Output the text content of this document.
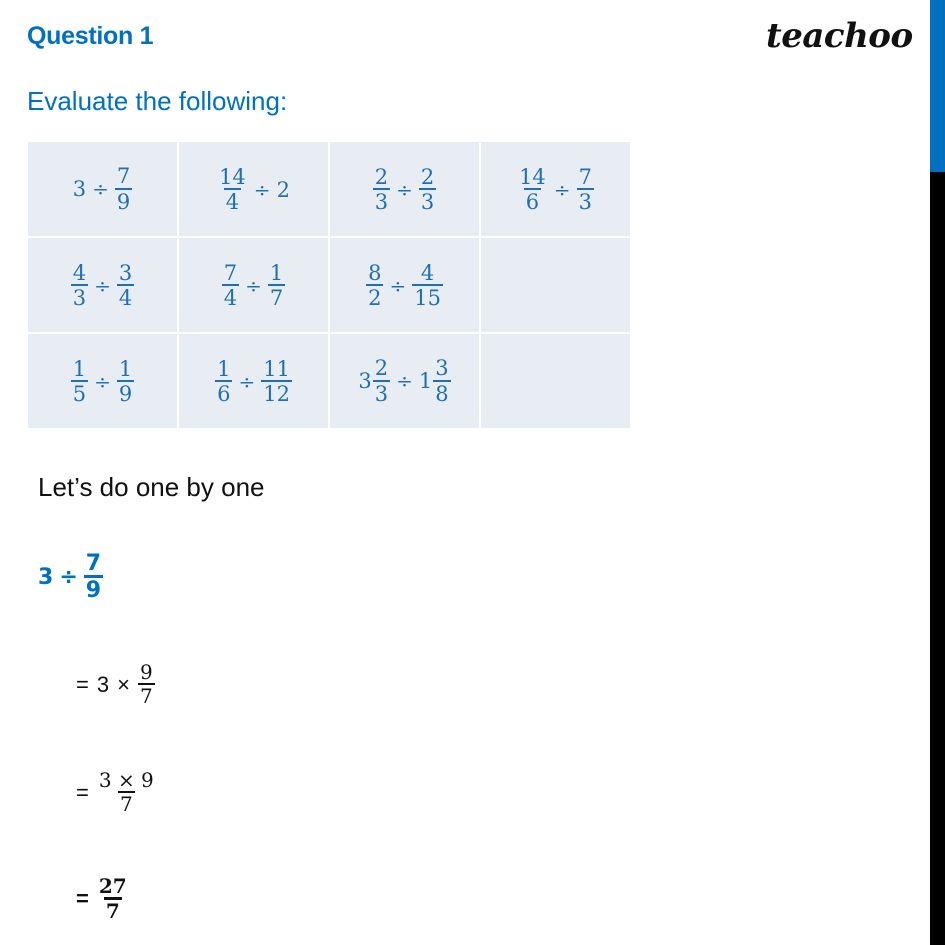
Question 1	teachoo
Evaluate the following:
$3 \div \frac{7}{9}$	$\frac{14}{4} \div 2$	$\frac{2}{3} \div \frac{2}{3}$	$\frac{14}{6} \div \frac{7}{3}$

$\frac{4}{3} \div \frac{3}{4}$	$\frac{7}{4} \div \frac{1}{7}$	$\frac{8}{2} \div \frac{4}{15}$

$\frac{1}{5} \div \frac{1}{9}$	$\frac{1}{6} \div \frac{11}{12}$	$3 \frac{2}{3} \div 1 \frac{3}{8}$

Let’s do one by one
$3 \div \frac{7}{9}$
= $3 \times \frac{9}{7}$
= $\frac{3 \times 9}{7}$
= $\frac{27}{7}$
